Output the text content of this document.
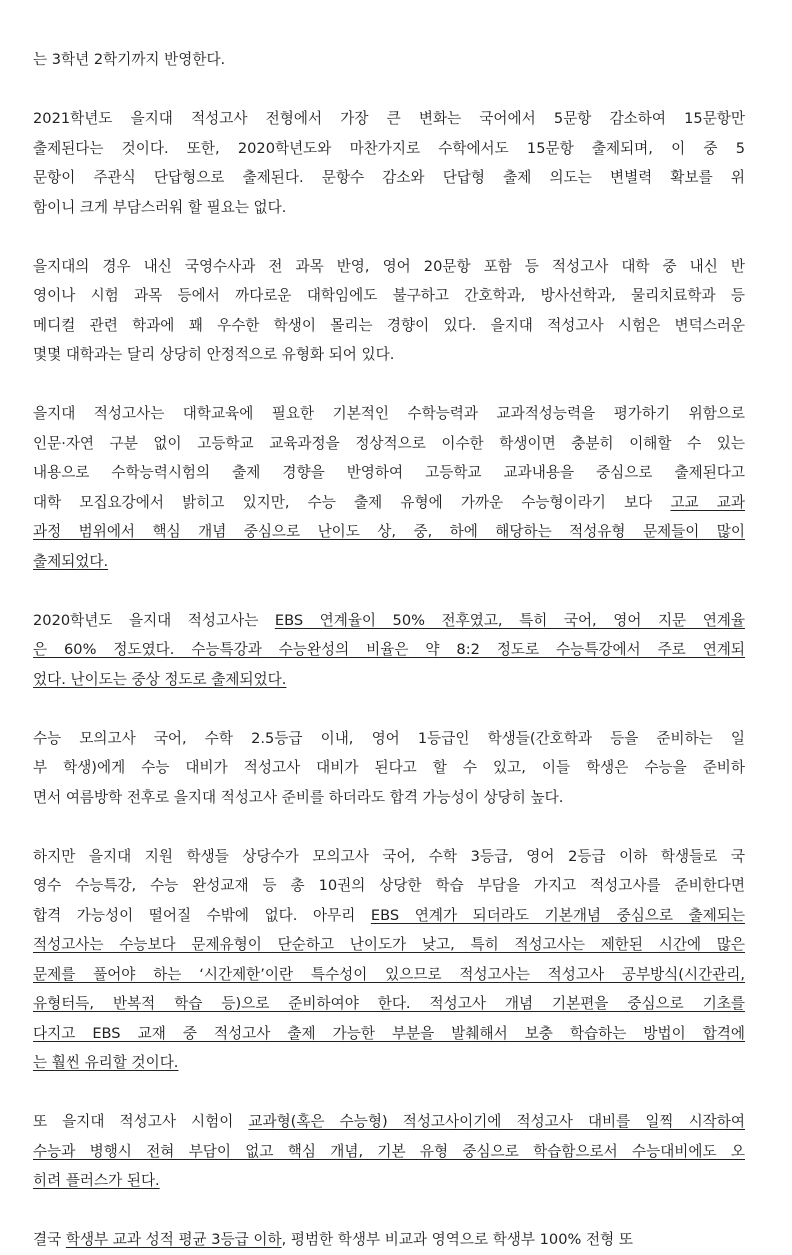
는 3학년 2학기까지 반영한다.
2021학년도 을지대 적성고사 전형에서 가장 큰 변화는 국어에서 5문항 감소하여 15문항만
출제된다는 것이다. 또한, 2020학년도와 마찬가지로 수학에서도 15문항 출제되며, 이 중 5
문항이 주관식 단답형으로 출제된다. 문항수 감소와 단답형 출제 의도는 변별력 확보를 위
함이니 크게 부담스러워 할 필요는 없다.
을지대의 경우 내신 국영수사과 전 과목 반영, 영어 20문항 포함 등 적성고사 대학 중 내신 반
영이나 시험 과목 등에서 까다로운 대학임에도 불구하고 간호학과, 방사선학과, 물리치료학과 등
메디컬 관련 학과에 꽤 우수한 학생이 몰리는 경향이 있다. 을지대 적성고사 시험은 변덕스러운
몇몇 대학과는 달리 상당히 안정적으로 유형화 되어 있다.
을지대 적성고사는 대학교육에 필요한 기본적인 수학능력과 교과적성능력을 평가하기 위함으로
인문·자연 구분 없이 고등학교 교육과정을 정상적으로 이수한 학생이면 충분히 이해할 수 있는
내용으로 수학능력시험의 출제 경향을 반영하여 고등학교 교과내용을 중심으로 출제된다고
대학 모집요강에서 밝히고 있지만, 수능 출제 유형에 가까운 수능형이라기 보다 고교 교과
과정 범위에서 핵심 개념 중심으로 난이도 상, 중, 하에 해당하는 적성유형 문제들이 많이
출제되었다.
2020학년도 을지대 적성고사는 EBS 연계율이 50% 전후였고, 특히 국어, 영어 지문 연계율
은 60% 정도였다. 수능특강과 수능완성의 비율은 약 8:2 정도로 수능특강에서 주로 연계되
었다. 난이도는 중상 정도로 출제되었다.
수능 모의고사 국어, 수학 2.5등급 이내, 영어 1등급인 학생들(간호학과 등을 준비하는 일
부 학생)에게 수능 대비가 적성고사 대비가 된다고 할 수 있고, 이들 학생은 수능을 준비하
면서 여름방학 전후로 을지대 적성고사 준비를 하더라도 합격 가능성이 상당히 높다.
하지만 을지대 지원 학생들 상당수가 모의고사 국어, 수학 3등급, 영어 2등급 이하 학생들로 국
영수 수능특강, 수능 완성교재 등 총 10권의 상당한 학습 부담을 가지고 적성고사를 준비한다면
합격 가능성이 떨어질 수밖에 없다. 아무리 EBS 연계가 되더라도 기본개념 중심으로 출제되는
적성고사는 수능보다 문제유형이 단순하고 난이도가 낮고, 특히 적성고사는 제한된 시간에 많은
문제를 풀어야 하는 ‘시간제한’이란 특수성이 있으므로 적성고사는 적성고사 공부방식(시간관리,
유형터득, 반복적 학습 등)으로 준비하여야 한다. 적성고사 개념 기본편을 중심으로 기초를
다지고 EBS 교재 중 적성고사 출제 가능한 부분을 발췌해서 보충 학습하는 방법이 합격에
는 훨씬 유리할 것이다.
또 을지대 적성고사 시험이 교과형(혹은 수능형) 적성고사이기에 적성고사 대비를 일찍 시작하여
수능과 병행시 전혀 부담이 없고 핵심 개념, 기본 유형 중심으로 학습함으로서 수능대비에도 오
히려 플러스가 된다.
결국 학생부 교과 성적 평균 3등급 이하, 평범한 학생부 비교과 영역으로 학생부 100% 전형 또
